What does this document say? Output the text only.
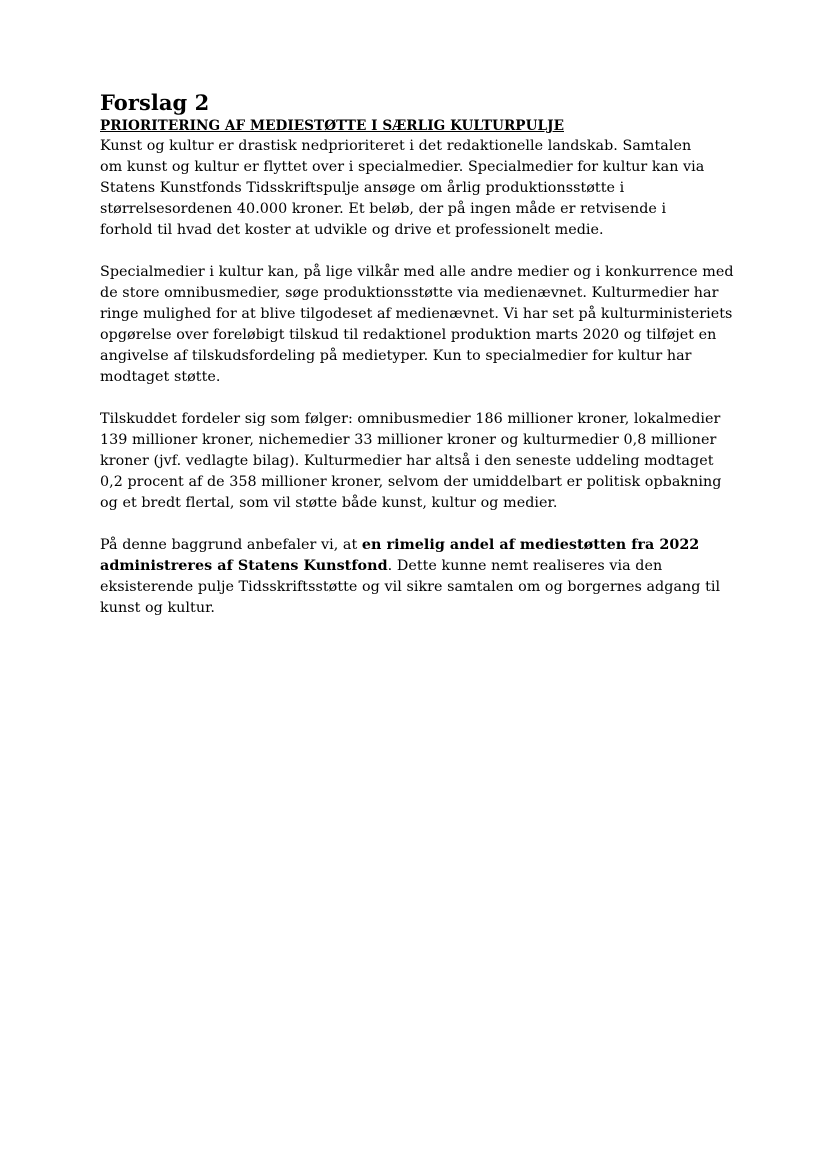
Forslag 2
PRIORITERING AF MEDIESTØTTE I SÆRLIG KULTURPULJE

Kunst og kultur er drastisk nedprioriteret i det redaktionelle landskab. Samtalen
om kunst og kultur er flyttet over i specialmedier. Specialmedier for kultur kan via
Statens Kunstfonds Tidsskriftspulje ansøge om årlig produktionsstøtte i
størrelsesordenen 40.000 kroner. Et beløb, der på ingen måde er retvisende i
forhold til hvad det koster at udvikle og drive et professionelt medie.

Specialmedier i kultur kan, på lige vilkår med alle andre medier og i konkurrence med
de store omnibusmedier, søge produktionsstøtte via medienævnet. Kulturmedier har
ringe mulighed for at blive tilgodeset af medienævnet. Vi har set på kulturministeriets
opgørelse over foreløbigt tilskud til redaktionel produktion marts 2020 og tilføjet en
angivelse af tilskudsfordeling på medietyper. Kun to specialmedier for kultur har
modtaget støtte.

Tilskuddet fordeler sig som følger: omnibusmedier 186 millioner kroner, lokalmedier
139 millioner kroner, nichemedier 33 millioner kroner og kulturmedier 0,8 millioner
kroner (jvf. vedlagte bilag). Kulturmedier har altså i den seneste uddeling modtaget
0,2 procent af de 358 millioner kroner, selvom der umiddelbart er politisk opbakning
og et bredt flertal, som vil støtte både kunst, kultur og medier.

På denne baggrund anbefaler vi, at en rimelig andel af mediestøtten fra 2022
administreres af Statens Kunstfond. Dette kunne nemt realiseres via den
eksisterende pulje Tidsskriftsstøtte og vil sikre samtalen om og borgernes adgang til
kunst og kultur.
